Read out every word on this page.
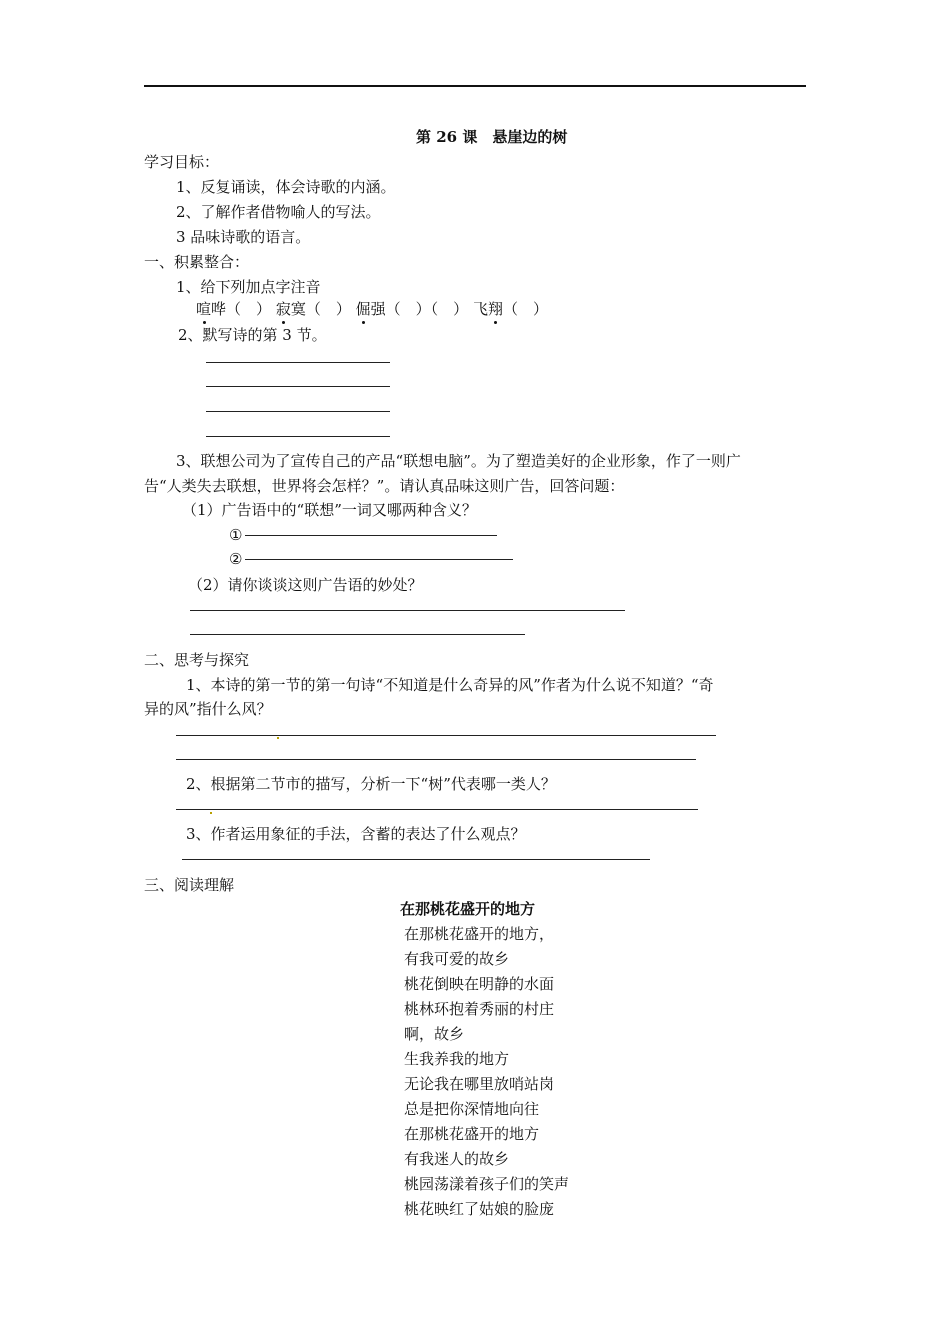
第 26 课　悬崖边的树
学习目标：
1、反复诵读，体会诗歌的内涵。
2、了解作者借物喻人的写法。
3 品味诗歌的语言。
一、积累整合：
1、给下列加点字注音
喧哗（　） 寂寞（　） 倔强（　）（　） 飞翔（　）
2、默写诗的第 3 节。
3、联想公司为了宣传自己的产品“联想电脑”。为了塑造美好的企业形象，作了一则广
告“人类失去联想，世界将会怎样？”。请认真品味这则广告，回答问题：
（1）广告语中的“联想”一词又哪两种含义？
①
②
（2）请你谈谈这则广告语的妙处？
二、思考与探究
1、本诗的第一节的第一句诗“不知道是什么奇异的风”作者为什么说不知道？“奇
异的风”指什么风？
2、根据第二节市的描写，分析一下“树”代表哪一类人？
3、作者运用象征的手法，含蓄的表达了什么观点？
三、阅读理解
在那桃花盛开的地方
在那桃花盛开的地方，
有我可爱的故乡
桃花倒映在明静的水面
桃林环抱着秀丽的村庄
啊，故乡
生我养我的地方
无论我在哪里放哨站岗
总是把你深情地向往
在那桃花盛开的地方
有我迷人的故乡
桃园荡漾着孩子们的笑声
桃花映红了姑娘的脸庞
